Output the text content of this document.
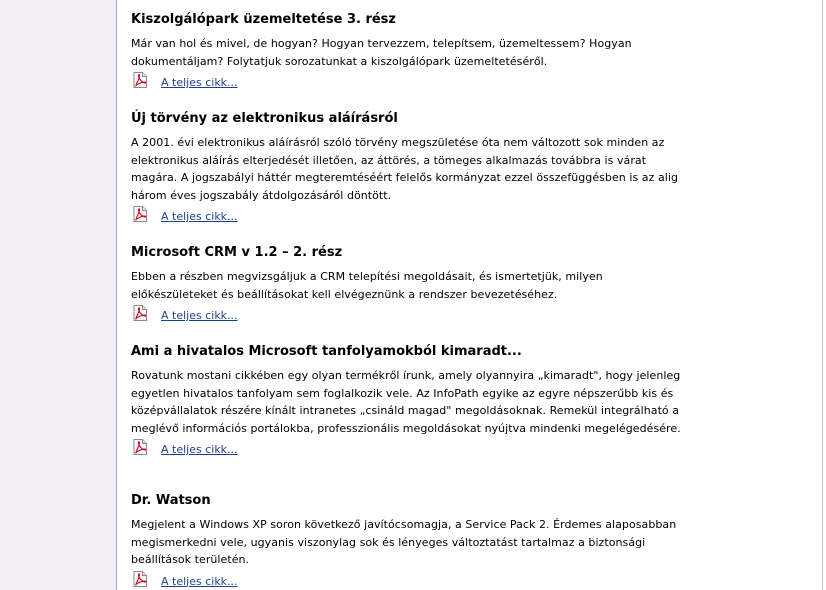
Kiszolgálópark üzemeltetése 3. rész

Már van hol és mivel, de hogyan? Hogyan tervezzem, telepítsem, üzemeltessem? Hogyan dokumentáljam? Folytatjuk sorozatunkat a kiszolgálópark üzemeltetéséről.

A teljes cikk...
Új törvény az elektronikus aláírásról

A 2001. évi elektronikus aláírásról szóló törvény megszületése óta nem változott sok minden az elektronikus aláírás elterjedését illetően, az áttörés, a tömeges alkalmazás továbbra is várat magára. A jogszabályi háttér megteremtéséért felelős kormányzat ezzel összefüggésben is az alig három éves jogszabály átdolgozásáról döntött.

A teljes cikk...
Microsoft CRM v 1.2 – 2. rész

Ebben a részben megvizsgáljuk a CRM telepítési megoldásait, és ismertetjük, milyen előkészületeket és beállításokat kell elvégeznünk a rendszer bevezetéséhez.

A teljes cikk...
Ami a hivatalos Microsoft tanfolyamokból kimaradt...

Rovatunk mostani cikkében egy olyan termékről írunk, amely olyannyira „kimaradt", hogy jelenleg egyetlen hivatalos tanfolyam sem foglalkozik vele. Az InfoPath egyike az egyre népszerűbb kis és középvállalatok részére kínált intranetes „csináld magad" megoldásoknak. Remekül integrálható a meglévő információs portálokba, professzionális megoldásokat nyújtva mindenki megelégedésére.

A teljes cikk...
Dr. Watson

Megjelent a Windows XP soron következő javítócsomagja, a Service Pack 2. Érdemes alaposabban megismerkedni vele, ugyanis viszonylag sok és lényeges változtatást tartalmaz a biztonsági beállítások területén.

A teljes cikk...
